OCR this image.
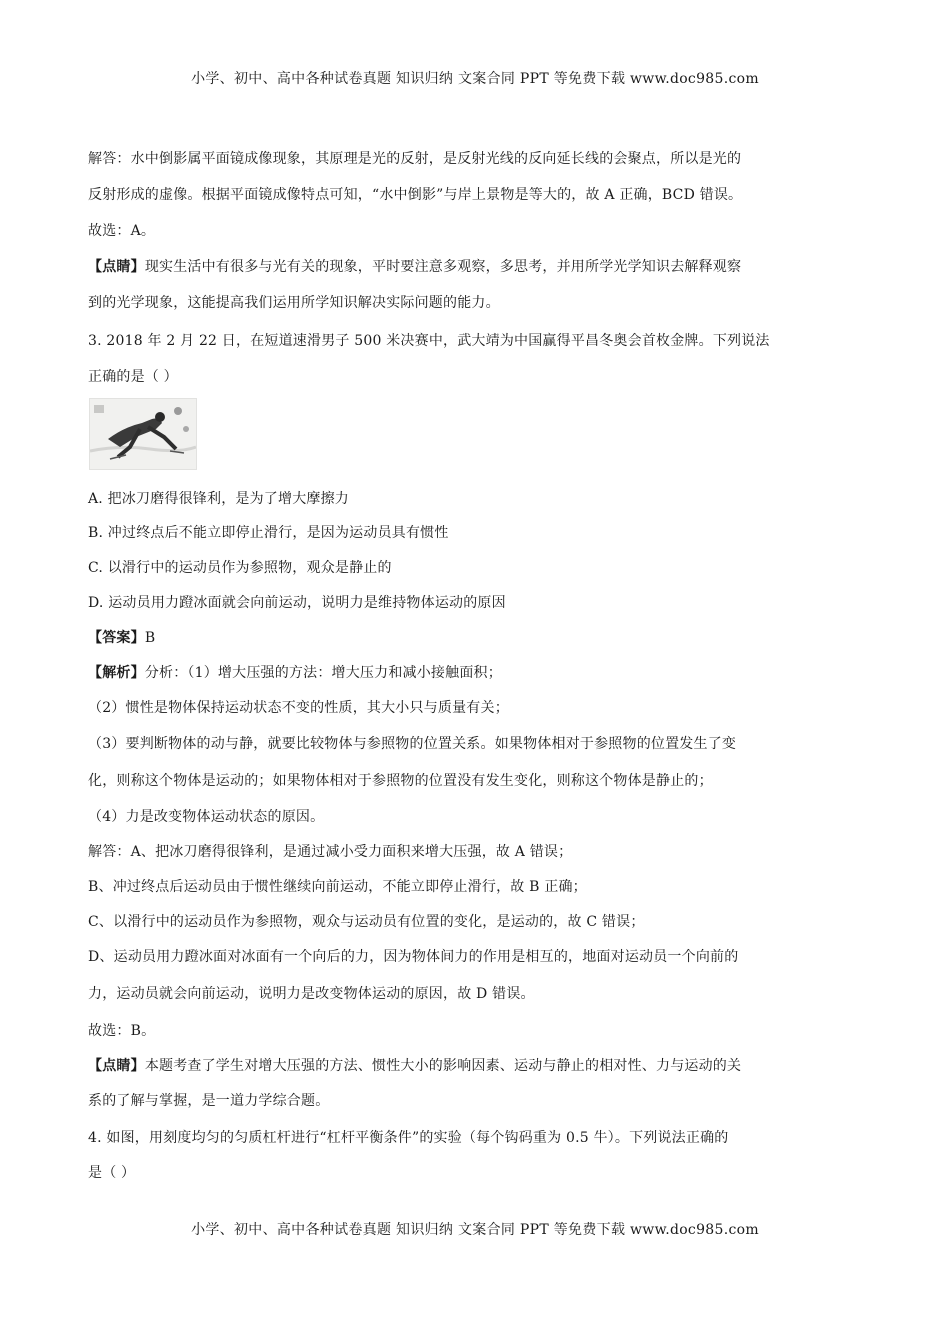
小学、初中、高中各种试卷真题 知识归纳 文案合同 PPT 等免费下载 www.doc985.com
解答：水中倒影属平面镜成像现象，其原理是光的反射，是反射光线的反向延长线的会聚点，所以是光的
反射形成的虚像。根据平面镜成像特点可知，“水中倒影”与岸上景物是等大的，故 A 正确，BCD 错误。
故选：A。
【点睛】现实生活中有很多与光有关的现象，平时要注意多观察，多思考，并用所学光学知识去解释观察
到的光学现象，这能提高我们运用所学知识解决实际问题的能力。
3. 2018 年 2 月 22 日，在短道速滑男子 500 米决赛中，武大靖为中国赢得平昌冬奥会首枚金牌。下列说法
正确的是（ ）
A. 把冰刀磨得很锋利，是为了增大摩擦力
B. 冲过终点后不能立即停止滑行，是因为运动员具有惯性
C. 以滑行中的运动员作为参照物，观众是静止的
D. 运动员用力蹬冰面就会向前运动，说明力是维持物体运动的原因
【答案】B
【解析】分析：（1）增大压强的方法：增大压力和减小接触面积；
（2）惯性是物体保持运动状态不变的性质，其大小只与质量有关；
（3）要判断物体的动与静，就要比较物体与参照物的位置关系。如果物体相对于参照物的位置发生了变
化，则称这个物体是运动的；如果物体相对于参照物的位置没有发生变化，则称这个物体是静止的；
（4）力是改变物体运动状态的原因。
解答：A、把冰刀磨得很锋利，是通过减小受力面积来增大压强，故 A 错误；
B、冲过终点后运动员由于惯性继续向前运动，不能立即停止滑行，故 B 正确；
C、以滑行中的运动员作为参照物，观众与运动员有位置的变化，是运动的，故 C 错误；
D、运动员用力蹬冰面对冰面有一个向后的力，因为物体间力的作用是相互的，地面对运动员一个向前的
力，运动员就会向前运动，说明力是改变物体运动的原因，故 D 错误。
故选：B。
【点睛】本题考查了学生对增大压强的方法、惯性大小的影响因素、运动与静止的相对性、力与运动的关
系的了解与掌握，是一道力学综合题。
4. 如图，用刻度均匀的匀质杠杆进行“杠杆平衡条件”的实验（每个钩码重为 0.5 牛）。下列说法正确的
是（ ）
小学、初中、高中各种试卷真题 知识归纳 文案合同 PPT 等免费下载 www.doc985.com
